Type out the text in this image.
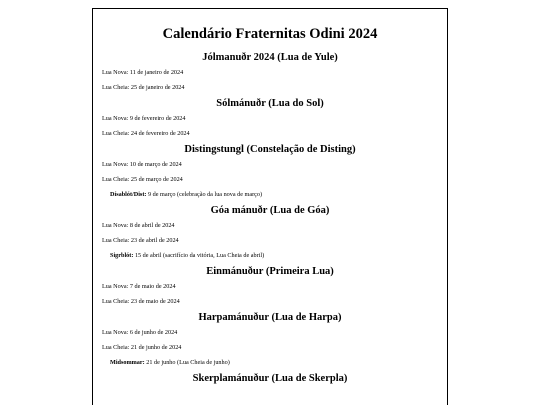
Calendário Fraternitas Odini 2024
Jólmanuðr 2024 (Lua de Yule)

Lua Nova: 11 de janeiro de 2024

Lua Cheia: 25 de janeiro de 2024

Sólmánuðr (Lua do Sol)

Lua Nova: 9 de fevereiro de 2024

Lua Cheia: 24 de fevereiro de 2024

Distingstungl (Constelação de Disting)

Lua Nova: 10 de março de 2024

Lua Cheia: 25 de março de 2024

Dísablót/Dist: 9 de março (celebração da lua nova de março)

Góa mánuðr (Lua de Góa)

Lua Nova: 8 de abril de 2024

Lua Cheia: 23 de abril de 2024

Sigrblót: 15 de abril (sacrifício da vitória, Lua Cheia de abril)

Einmánuður (Primeira Lua)

Lua Nova: 7 de maio de 2024

Lua Cheia: 23 de maio de 2024

Harpamánuður (Lua de Harpa)

Lua Nova: 6 de junho de 2024

Lua Cheia: 21 de junho de 2024

Midsommar: 21 de junho (Lua Cheia de junho)

Skerplamánuður (Lua de Skerpla)
